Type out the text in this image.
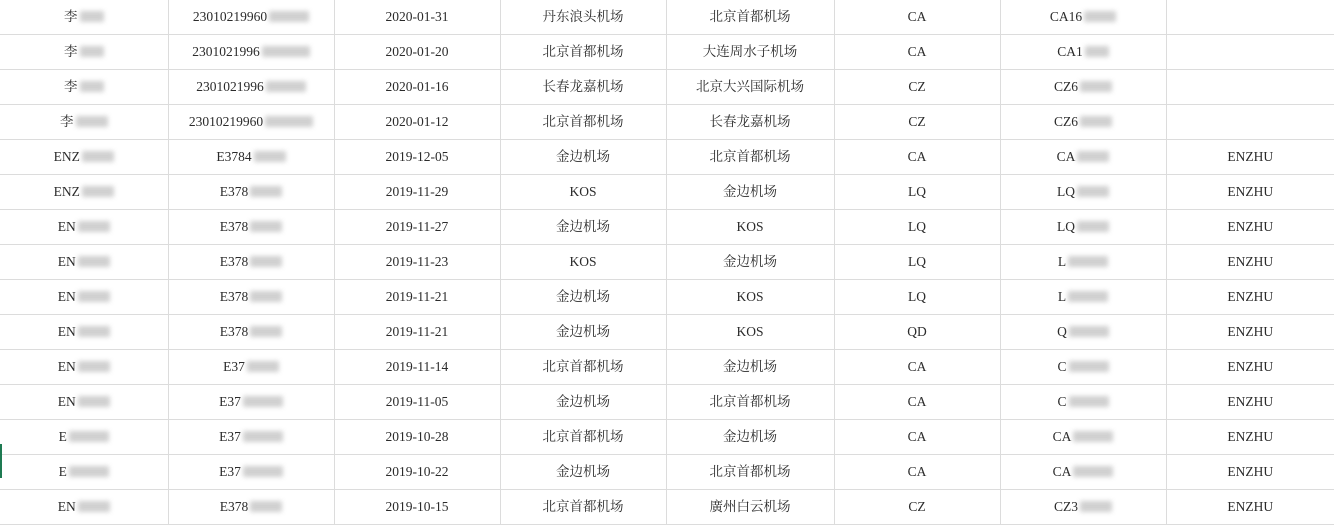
李	23010219960	2020-01-31	丹东浪头机场	北京首都机场	CA	CA16	

李	2301021996	2020-01-20	北京首都机场	大连周水子机场	CA	CA1	

李	2301021996	2020-01-16	长春龙嘉机场	北京大兴国际机场	CZ	CZ6	

李	23010219960	2020-01-12	北京首都机场	长春龙嘉机场	CZ	CZ6	

ENZ	E3784	2019-12-05	金边机场	北京首都机场	CA	CA	ENZHU

ENZ	E378	2019-11-29	KOS	金边机场	LQ	LQ	ENZHU

EN	E378	2019-11-27	金边机场	KOS	LQ	LQ	ENZHU

EN	E378	2019-11-23	KOS	金边机场	LQ	L	ENZHU

EN	E378	2019-11-21	金边机场	KOS	LQ	L	ENZHU

EN	E378	2019-11-21	金边机场	KOS	QD	Q	ENZHU

EN	E37	2019-11-14	北京首都机场	金边机场	CA	C	ENZHU

EN	E37	2019-11-05	金边机场	北京首都机场	CA	C	ENZHU

E	E37	2019-10-28	北京首都机场	金边机场	CA	CA	ENZHU

E	E37	2019-10-22	金边机场	北京首都机场	CA	CA	ENZHU

EN	E378	2019-10-15	北京首都机场	廣州白云机场	CZ	CZ3	ENZHU
